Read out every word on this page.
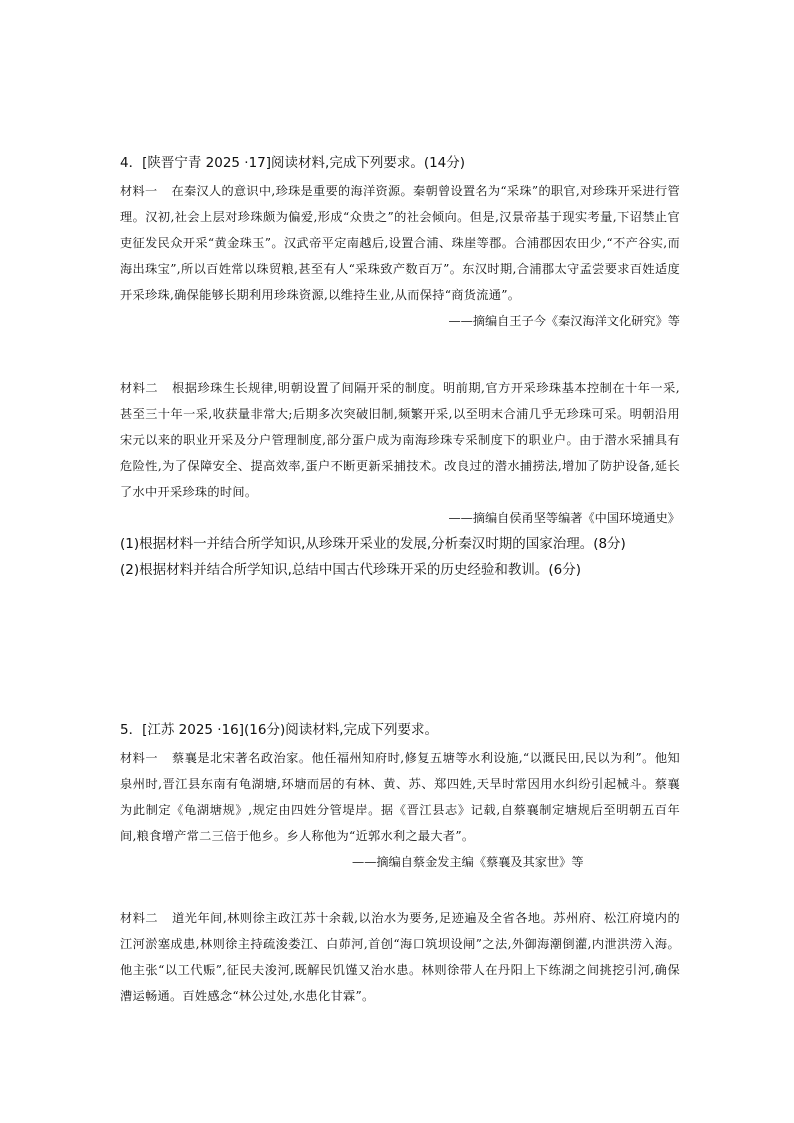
4．[陕晋宁青 2025 ·17]阅读材料,完成下列要求。(14分)
材料一 在秦汉人的意识中,珍珠是重要的海洋资源。秦朝曾设置名为“采珠”的职官,对珍珠开采进行管理。汉初,社会上层对珍珠颇为偏爱,形成“众贵之”的社会倾向。但是,汉景帝基于现实考量,下诏禁止官吏征发民众开采“黄金珠玉”。汉武帝平定南越后,设置合浦、珠崖等郡。合浦郡因农田少,“不产谷实,而海出珠宝”,所以百姓常以珠贸粮,甚至有人“采珠致产数百万”。东汉时期,合浦郡太守孟尝要求百姓适度开采珍珠,确保能够长期利用珍珠资源,以维持生业,从而保持“商货流通”。
——摘编自王子今《秦汉海洋文化研究》等
材料二 根据珍珠生长规律,明朝设置了间隔开采的制度。明前期,官方开采珍珠基本控制在十年一采,甚至三十年一采,收获量非常大;后期多次突破旧制,频繁开采,以至明末合浦几乎无珍珠可采。明朝沿用宋元以来的职业开采及分户管理制度,部分蛋户成为南海珍珠专采制度下的职业户。由于潜水采捕具有危险性,为了保障安全、提高效率,蛋户不断更新采捕技术。改良过的潜水捕捞法,增加了防护设备,延长了水中开采珍珠的时间。
——摘编自侯甬坚等编著《中国环境通史》
(1)根据材料一并结合所学知识,从珍珠开采业的发展,分析秦汉时期的国家治理。(8分)
(2)根据材料并结合所学知识,总结中国古代珍珠开采的历史经验和教训。(6分)
5．[江苏 2025 ·16](16分)阅读材料,完成下列要求。
材料一 蔡襄是北宋著名政治家。他任福州知府时,修复五塘等水利设施,“以溉民田,民以为利”。他知泉州时,晋江县东南有龟湖塘,环塘而居的有林、黄、苏、郑四姓,天旱时常因用水纠纷引起械斗。蔡襄为此制定《龟湖塘规》,规定由四姓分管堤岸。据《晋江县志》记载,自蔡襄制定塘规后至明朝五百年间,粮食增产常二三倍于他乡。乡人称他为“近郭水利之最大者”。
——摘编自蔡金发主编《蔡襄及其家世》等
材料二 道光年间,林则徐主政江苏十余载,以治水为要务,足迹遍及全省各地。苏州府、松江府境内的江河淤塞成患,林则徐主持疏浚娄江、白茆河,首创“海口筑坝设闸”之法,外御海潮倒灌,内泄洪涝入海。他主张“以工代赈”,征民夫浚河,既解民饥馑又治水患。林则徐带人在丹阳上下练湖之间挑挖引河,确保漕运畅通。百姓感念“林公过处,水患化甘霖”。
